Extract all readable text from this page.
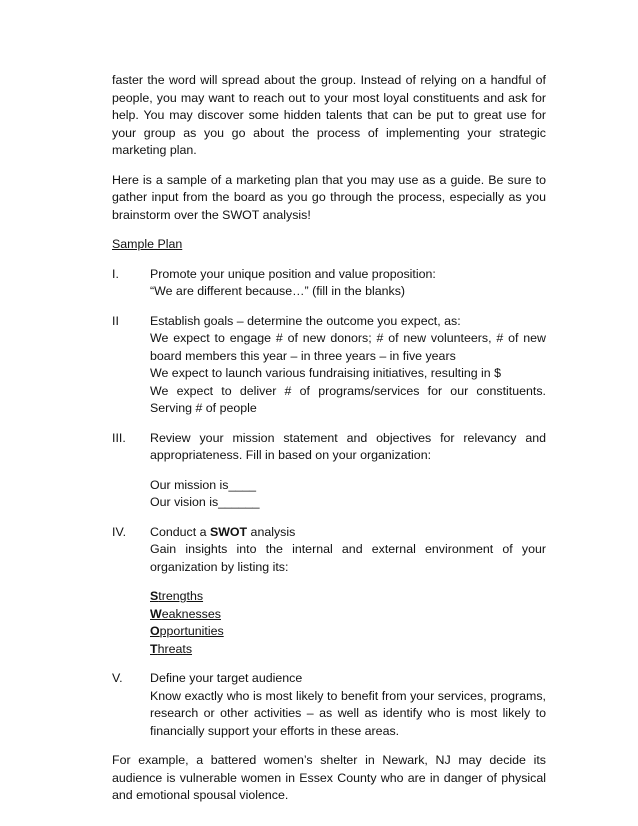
faster the word will spread about the group. Instead of relying on a handful of people, you may want to reach out to your most loyal constituents and ask for help. You may discover some hidden talents that can be put to great use for your group as you go about the process of implementing your strategic marketing plan.

Here is a sample of a marketing plan that you may use as a guide. Be sure to gather input from the board as you go through the process, especially as you brainstorm over the SWOT analysis!

Sample Plan

I.	Promote your unique position and value proposition:

“We are different because…” (fill in the blanks)

II	Establish goals – determine the outcome you expect, as:

We expect to engage # of new donors; # of new volunteers, # of new board members this year – in three years – in five years

We expect to launch various fundraising initiatives, resulting in $

We expect to deliver # of programs/services for our constituents. Serving # of people

III.	Review your mission statement and objectives for relevancy and appropriateness. Fill in based on your organization:

Our mission is____

Our vision is______

IV.	Conduct a SWOT analysis

Gain insights into the internal and external environment of your organization by listing its:

Strengths

Weaknesses

Opportunities

Threats

V.	Define your target audience

Know exactly who is most likely to benefit from your services, programs, research or other activities – as well as identify who is most likely to financially support your efforts in these areas.

For example, a battered women’s shelter in Newark, NJ may decide its audience is vulnerable women in Essex County who are in danger of physical and emotional spousal violence.
